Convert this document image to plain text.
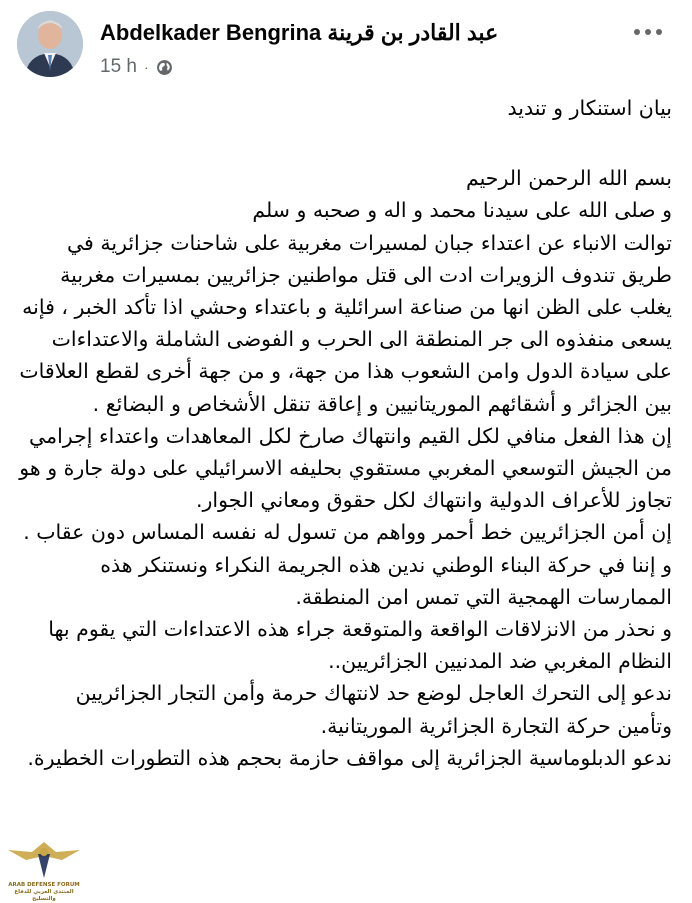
Abdelkader Bengrina عبد القادر بن قرينة
15 h ·

بيان استنكار و تنديد

بسم الله الرحمن الرحيم

و صلى الله على سيدنا محمد و اله و صحبه و سلم

توالت الانباء عن اعتداء جبان لمسيرات مغربية على شاحنات جزائرية في طريق تندوف الزويرات ادت الى قتل مواطنين جزائريين بمسيرات مغربية يغلب على الظن انها من صناعة اسرائلية و باعتداء وحشي اذا تأكد الخبر ، فإنه يسعى منفذوه الى جر المنطقة الى الحرب و الفوضى الشاملة والاعتداءات على سيادة الدول وامن الشعوب هذا من جهة، و من جهة أخرى لقطع العلاقات بين الجزائر و أشقائهم الموريتانيين و إعاقة تنقل الأشخاص و البضائع .

إن هذا الفعل منافي لكل القيم وانتهاك صارخ لكل المعاهدات واعتداء إجرامي من الجيش التوسعي المغربي مستقوي بحليفه الاسرائيلي على دولة جارة و هو تجاوز للأعراف الدولية وانتهاك لكل حقوق ومعاني الجوار.

إن أمن الجزائريين خط أحمر وواهم من تسول له نفسه المساس دون عقاب .

و إننا في حركة البناء الوطني ندين هذه الجريمة النكراء ونستنكر هذه الممارسات الهمجية التي تمس امن المنطقة.

و نحذر من الانزلاقات الواقعة والمتوقعة جراء هذه الاعتداءات التي يقوم بها النظام المغربي ضد المدنيين الجزائريين..

ندعو إلى التحرك العاجل لوضع حد لانتهاك حرمة وأمن التجار الجزائريين وتأمين حركة التجارة الجزائرية الموريتانية.

ندعو الدبلوماسية الجزائرية إلى مواقف حازمة بحجم هذه التطورات الخطيرة.

ARAB DEFENSE FORUM
المنتدى العربي للدفاع والتسليح
